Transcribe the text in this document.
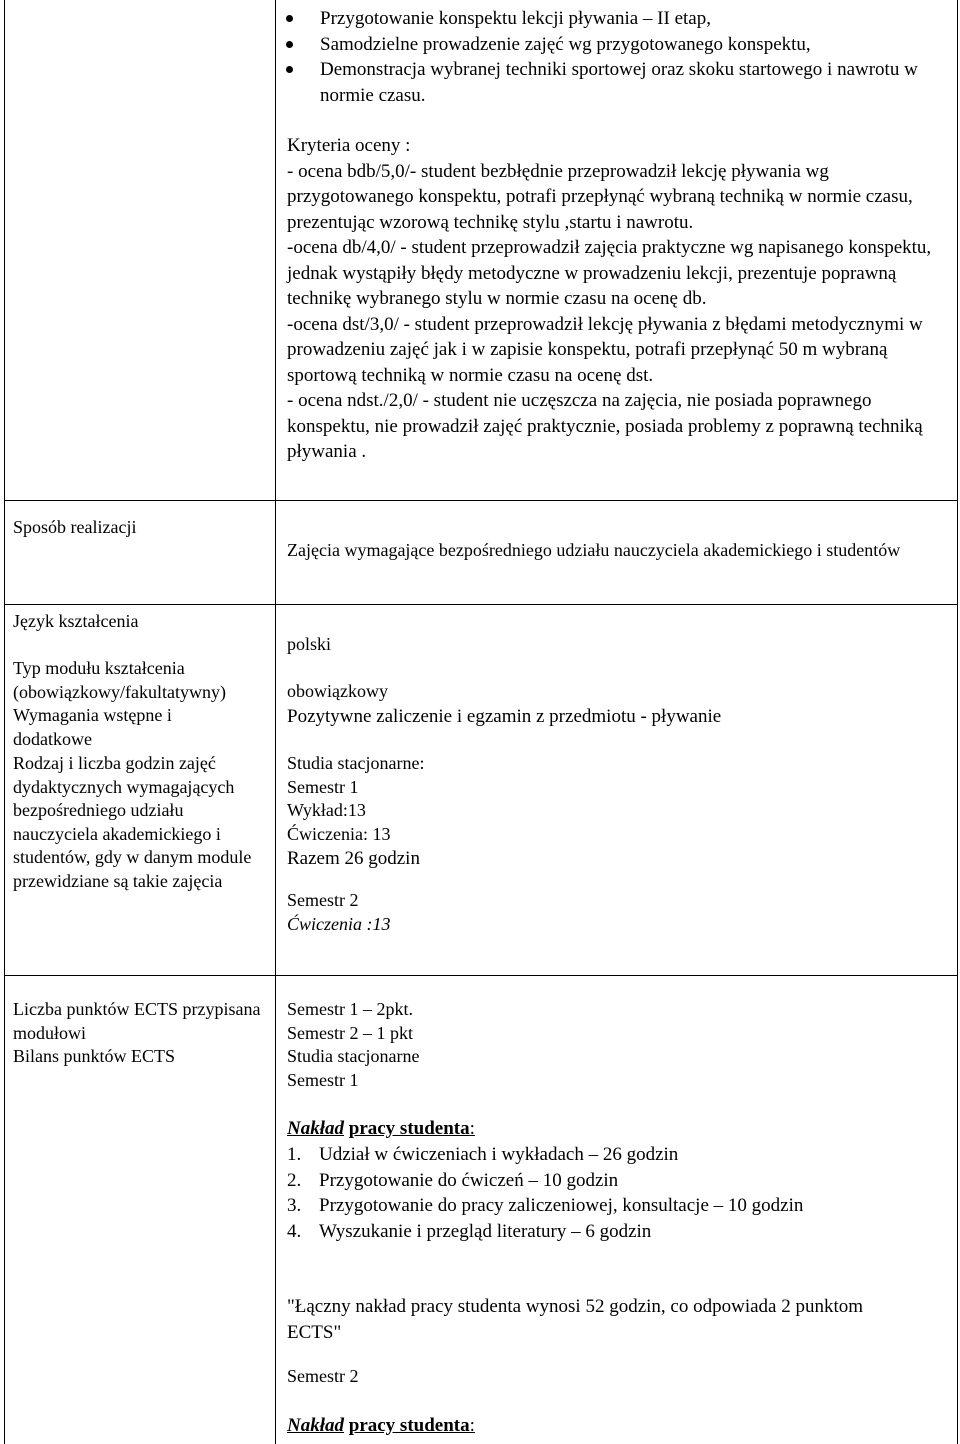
Przygotowanie konspektu lekcji pływania – II etap,
Samodzielne prowadzenie zajęć wg przygotowanego konspektu,
Demonstracja wybranej techniki sportowej oraz skoku startowego i nawrotu w normie czasu.

Kryteria oceny :

- ocena bdb/5,0/- student bezbłędnie przeprowadził lekcję pływania wg przygotowanego konspektu, potrafi przepłynąć wybraną techniką w normie czasu, prezentując wzorową technikę stylu ,startu i nawrotu.

-ocena db/4,0/ - student przeprowadził zajęcia praktyczne wg napisanego konspektu, jednak wystąpiły błędy metodyczne w prowadzeniu lekcji, prezentuje poprawną technikę wybranego stylu w normie czasu na ocenę db.

-ocena dst/3,0/ - student przeprowadził lekcję pływania z błędami metodycznymi w prowadzeniu zajęć jak i w zapisie konspektu, potrafi przepłynąć 50 m wybraną sportową techniką w normie czasu na ocenę dst.

- ocena ndst./2,0/ - student nie uczęszcza na zajęcia, nie posiada poprawnego konspektu, nie prowadził zajęć praktycznie, posiada problemy z poprawną techniką pływania .

Sposób realizacji
Zajęcia wymagające bezpośredniego udziału nauczyciela akademickiego i studentów
Język kształcenia
polski
Typ modułu kształcenia (obowiązkowy/fakultatywny)	obowiązkowy
Wymagania wstępne i dodatkowe
Pozytywne zaliczenie i egzamin z przedmiotu - pływanie
Rodzaj i liczba godzin zajęć dydaktycznych wymagających bezpośredniego udziału nauczyciela akademickiego i studentów, gdy w danym module przewidziane są takie zajęcia
Studia stacjonarne:
Semestr 1
Wykład:13
Ćwiczenia: 13
Razem 26 godzin
Semestr 2
Ćwiczenia :13
Liczba punktów ECTS przypisana modułowi
Bilans punktów ECTS
Semestr 1 – 2pkt.
Semestr 2 – 1 pkt
Studia stacjonarne
Semestr 1
Nakład pracy studenta:
1. Udział w ćwiczeniach i wykładach – 26 godzin
2. Przygotowanie do ćwiczeń – 10 godzin
3. Przygotowanie do pracy zaliczeniowej, konsultacje – 10 godzin
4. Wyszukanie i przegląd literatury – 6 godzin
"Łączny nakład pracy studenta wynosi 52 godzin, co odpowiada 2 punktom ECTS"
Semestr 2
Nakład pracy studenta:
